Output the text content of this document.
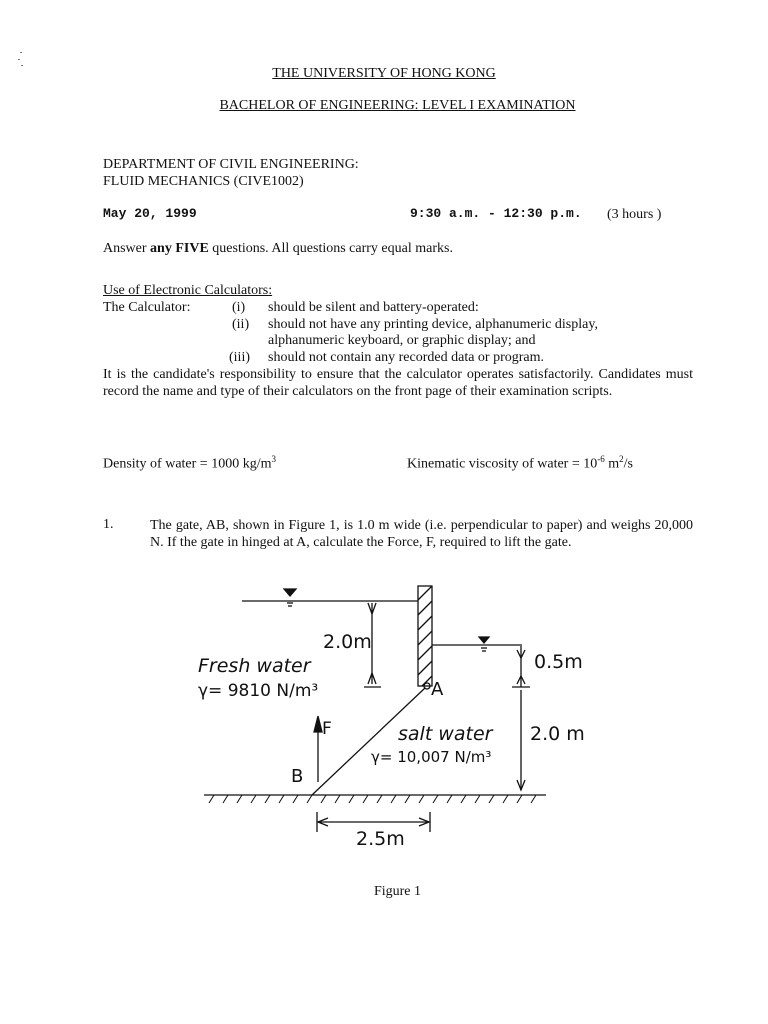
THE UNIVERSITY OF HONG KONG
BACHELOR OF ENGINEERING: LEVEL I EXAMINATION
DEPARTMENT OF CIVIL ENGINEERING:
FLUID MECHANICS (CIVE1002)
May 20, 1999	9:30 a.m. - 12:30 p.m. (3 hours )
Answer any FIVE questions. All questions carry equal marks.
Use of Electronic Calculators:
The Calculator:	(i) should be silent and battery-operated:
(ii) should not have any printing device, alphanumeric display,
alphanumeric keyboard, or graphic display; and
(iii) should not contain any recorded data or program.
It is the candidate's responsibility to ensure that the calculator operates satisfactorily. Candidates must record the name and type of their calculators on the front page of their examination scripts.
Density of water = 1000 $kg/m^3$	Kinematic viscosity of water = $10^{-6}$ $m^2/s$
1.	The gate, AB, shown in Figure 1, is 1.0 m wide (i.e. perpendicular to paper) and weighs 20,000 N. If the gate in hinged at A, calculate the Force, F, required to lift the gate.
2.0m
Fresh water
γ= 9810 N/m³	A
B
F
0.5m
salt water
γ= 10,007 N/m³
2.0 m
2.5m
Figure 1
